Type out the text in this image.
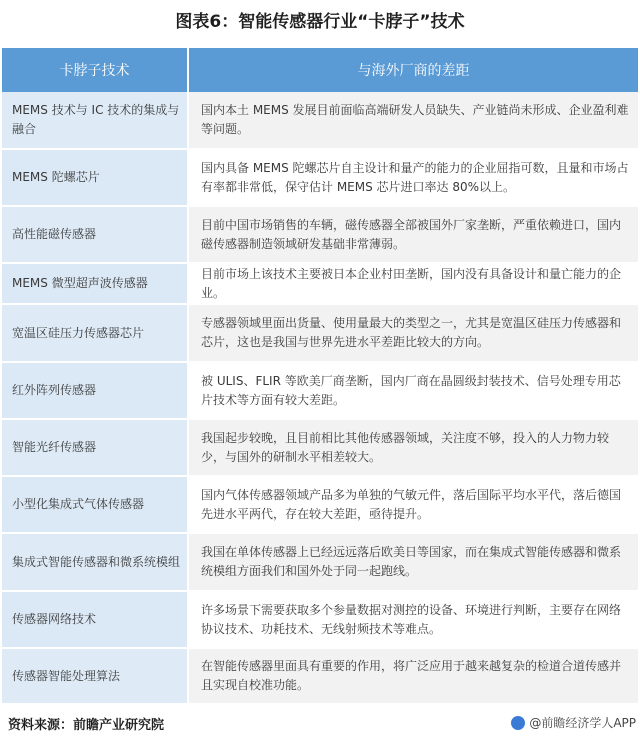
图表6：智能传感器行业“卡脖子”技术
卡脖子技术	与海外厂商的差距
MEMS 技术与 IC 技术的集成与融合
国内本土 MEMS 发展目前面临高端研发人员缺失、产业链尚未形成、企业盈利难等问题。
MEMS 陀螺芯片
国内具备 MEMS 陀螺芯片自主设计和量产的能力的企业屈指可数，且量和市场占有率都非常低，保守估计 MEMS 芯片进口率达 80%以上。
高性能磁传感器
目前中国市场销售的车辆，磁传感器全部被国外厂家垄断，严重依赖进口，国内磁传感器制造领域研发基础非常薄弱。
MEMS 微型超声波传感器
目前市场上该技术主要被日本企业村田垄断，国内没有具备设计和量亡能力的企业。
宽温区硅压力传感器芯片
专感器领域里面出货量、使用量最大的类型之一，尤其是宽温区硅压力传感器和芯片，这也是我国与世界先进水平差距比较大的方向。
红外阵列传感器
被 ULIS、FLIR 等欧美厂商垄断，国内厂商在晶圆级封装技术、信号处理专用芯片技术等方面有较大差距。
智能光纤传感器
我国起步较晚，且目前相比其他传感器领域，关注度不够，投入的人力物力较少，与国外的研制水平相差较大。
小型化集成式气体传感器
国内气体传感器领域产品多为单独的气敏元件，落后国际平均水平代，落后德国先进水平两代，存在较大差距，亟待提升。
集成式智能传感器和微系统模组
我国在单体传感器上已经远远落后欧美日等国家，而在集成式智能传感器和微系统模组方面我们和国外处于同一起跑线。
传感器网络技术
许多场景下需要获取多个参量数据对测控的设备、环境进行判断，主要存在网络协议技术、功耗技术、无线射频技术等难点。
传感器智能处理算法
在智能传感器里面具有重要的作用，将广泛应用于越来越复杂的检道合道传感并且实现自校准功能。
资料来源：前瞻产业研究院	@前瞻经济学人APP
